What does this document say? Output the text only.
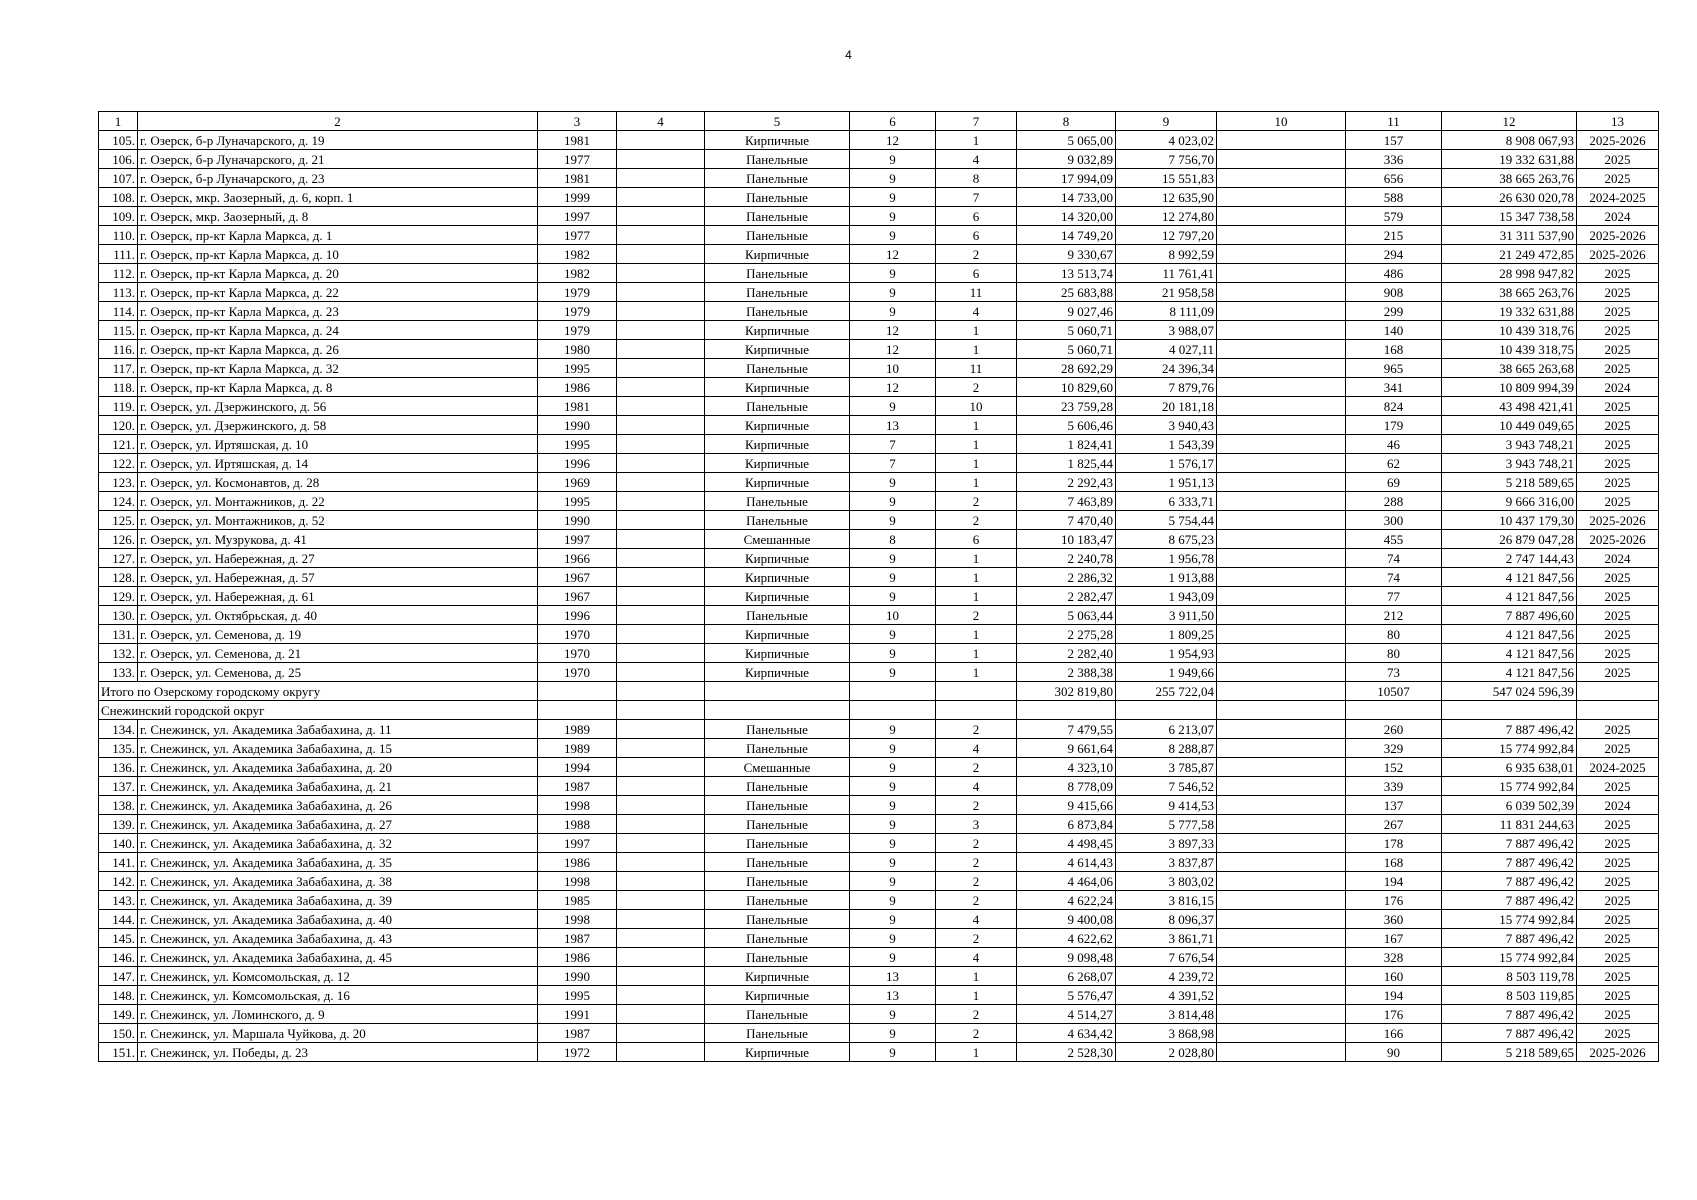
4
1	2	3	4	5	6	7	8	9	10	11	12	13
105.	г. Озерск, б-р Луначарского, д. 19	1981		Кирпичные	12	1	5 065,00	4 023,02		157	8 908 067,93	2025-2026
106.	г. Озерск, б-р Луначарского, д. 21	1977		Панельные	9	4	9 032,89	7 756,70		336	19 332 631,88	2025
107.	г. Озерск, б-р Луначарского, д. 23	1981		Панельные	9	8	17 994,09	15 551,83		656	38 665 263,76	2025
108.	г. Озерск, мкр. Заозерный, д. 6, корп. 1	1999		Панельные	9	7	14 733,00	12 635,90		588	26 630 020,78	2024-2025
109.	г. Озерск, мкр. Заозерный, д. 8	1997		Панельные	9	6	14 320,00	12 274,80		579	15 347 738,58	2024
110.	г. Озерск, пр-кт Карла Маркса, д. 1	1977		Панельные	9	6	14 749,20	12 797,20		215	31 311 537,90	2025-2026
111.	г. Озерск, пр-кт Карла Маркса, д. 10	1982		Кирпичные	12	2	9 330,67	8 992,59		294	21 249 472,85	2025-2026
112.	г. Озерск, пр-кт Карла Маркса, д. 20	1982		Панельные	9	6	13 513,74	11 761,41		486	28 998 947,82	2025
113.	г. Озерск, пр-кт Карла Маркса, д. 22	1979		Панельные	9	11	25 683,88	21 958,58		908	38 665 263,76	2025
114.	г. Озерск, пр-кт Карла Маркса, д. 23	1979		Панельные	9	4	9 027,46	8 111,09		299	19 332 631,88	2025
115.	г. Озерск, пр-кт Карла Маркса, д. 24	1979		Кирпичные	12	1	5 060,71	3 988,07		140	10 439 318,76	2025
116.	г. Озерск, пр-кт Карла Маркса, д. 26	1980		Кирпичные	12	1	5 060,71	4 027,11		168	10 439 318,75	2025
117.	г. Озерск, пр-кт Карла Маркса, д. 32	1995		Панельные	10	11	28 692,29	24 396,34		965	38 665 263,68	2025
118.	г. Озерск, пр-кт Карла Маркса, д. 8	1986		Кирпичные	12	2	10 829,60	7 879,76		341	10 809 994,39	2024
119.	г. Озерск, ул. Дзержинского, д. 56	1981		Панельные	9	10	23 759,28	20 181,18		824	43 498 421,41	2025
120.	г. Озерск, ул. Дзержинского, д. 58	1990		Кирпичные	13	1	5 606,46	3 940,43		179	10 449 049,65	2025
121.	г. Озерск, ул. Иртяшская, д. 10	1995		Кирпичные	7	1	1 824,41	1 543,39		46	3 943 748,21	2025
122.	г. Озерск, ул. Иртяшская, д. 14	1996		Кирпичные	7	1	1 825,44	1 576,17		62	3 943 748,21	2025
123.	г. Озерск, ул. Космонавтов, д. 28	1969		Кирпичные	9	1	2 292,43	1 951,13		69	5 218 589,65	2025
124.	г. Озерск, ул. Монтажников, д. 22	1995		Панельные	9	2	7 463,89	6 333,71		288	9 666 316,00	2025
125.	г. Озерск, ул. Монтажников, д. 52	1990		Панельные	9	2	7 470,40	5 754,44		300	10 437 179,30	2025-2026
126.	г. Озерск, ул. Музрукова, д. 41	1997		Смешанные	8	6	10 183,47	8 675,23		455	26 879 047,28	2025-2026
127.	г. Озерск, ул. Набережная, д. 27	1966		Кирпичные	9	1	2 240,78	1 956,78		74	2 747 144,43	2024
128.	г. Озерск, ул. Набережная, д. 57	1967		Кирпичные	9	1	2 286,32	1 913,88		74	4 121 847,56	2025
129.	г. Озерск, ул. Набережная, д. 61	1967		Кирпичные	9	1	2 282,47	1 943,09		77	4 121 847,56	2025
130.	г. Озерск, ул. Октябрьская, д. 40	1996		Панельные	10	2	5 063,44	3 911,50		212	7 887 496,60	2025
131.	г. Озерск, ул. Семенова, д. 19	1970		Кирпичные	9	1	2 275,28	1 809,25		80	4 121 847,56	2025
132.	г. Озерск, ул. Семенова, д. 21	1970		Кирпичные	9	1	2 282,40	1 954,93		80	4 121 847,56	2025
133.	г. Озерск, ул. Семенова, д. 25	1970		Кирпичные	9	1	2 388,38	1 949,66		73	4 121 847,56	2025
Итого по Озерскому городскому округу							302 819,80	255 722,04		10507	547 024 596,39	
Снежинский городской округ												
134.	г. Снежинск, ул. Академика Забабахина, д. 11	1989		Панельные	9	2	7 479,55	6 213,07		260	7 887 496,42	2025
135.	г. Снежинск, ул. Академика Забабахина, д. 15	1989		Панельные	9	4	9 661,64	8 288,87		329	15 774 992,84	2025
136.	г. Снежинск, ул. Академика Забабахина, д. 20	1994		Смешанные	9	2	4 323,10	3 785,87		152	6 935 638,01	2024-2025
137.	г. Снежинск, ул. Академика Забабахина, д. 21	1987		Панельные	9	4	8 778,09	7 546,52		339	15 774 992,84	2025
138.	г. Снежинск, ул. Академика Забабахина, д. 26	1998		Панельные	9	2	9 415,66	9 414,53		137	6 039 502,39	2024
139.	г. Снежинск, ул. Академика Забабахина, д. 27	1988		Панельные	9	3	6 873,84	5 777,58		267	11 831 244,63	2025
140.	г. Снежинск, ул. Академика Забабахина, д. 32	1997		Панельные	9	2	4 498,45	3 897,33		178	7 887 496,42	2025
141.	г. Снежинск, ул. Академика Забабахина, д. 35	1986		Панельные	9	2	4 614,43	3 837,87		168	7 887 496,42	2025
142.	г. Снежинск, ул. Академика Забабахина, д. 38	1998		Панельные	9	2	4 464,06	3 803,02		194	7 887 496,42	2025
143.	г. Снежинск, ул. Академика Забабахина, д. 39	1985		Панельные	9	2	4 622,24	3 816,15		176	7 887 496,42	2025
144.	г. Снежинск, ул. Академика Забабахина, д. 40	1998		Панельные	9	4	9 400,08	8 096,37		360	15 774 992,84	2025
145.	г. Снежинск, ул. Академика Забабахина, д. 43	1987		Панельные	9	2	4 622,62	3 861,71		167	7 887 496,42	2025
146.	г. Снежинск, ул. Академика Забабахина, д. 45	1986		Панельные	9	4	9 098,48	7 676,54		328	15 774 992,84	2025
147.	г. Снежинск, ул. Комсомольская, д. 12	1990		Кирпичные	13	1	6 268,07	4 239,72		160	8 503 119,78	2025
148.	г. Снежинск, ул. Комсомольская, д. 16	1995		Кирпичные	13	1	5 576,47	4 391,52		194	8 503 119,85	2025
149.	г. Снежинск, ул. Ломинского, д. 9	1991		Панельные	9	2	4 514,27	3 814,48		176	7 887 496,42	2025
150.	г. Снежинск, ул. Маршала Чуйкова, д. 20	1987		Панельные	9	2	4 634,42	3 868,98		166	7 887 496,42	2025
151.	г. Снежинск, ул. Победы, д. 23	1972		Кирпичные	9	1	2 528,30	2 028,80		90	5 218 589,65	2025-2026
